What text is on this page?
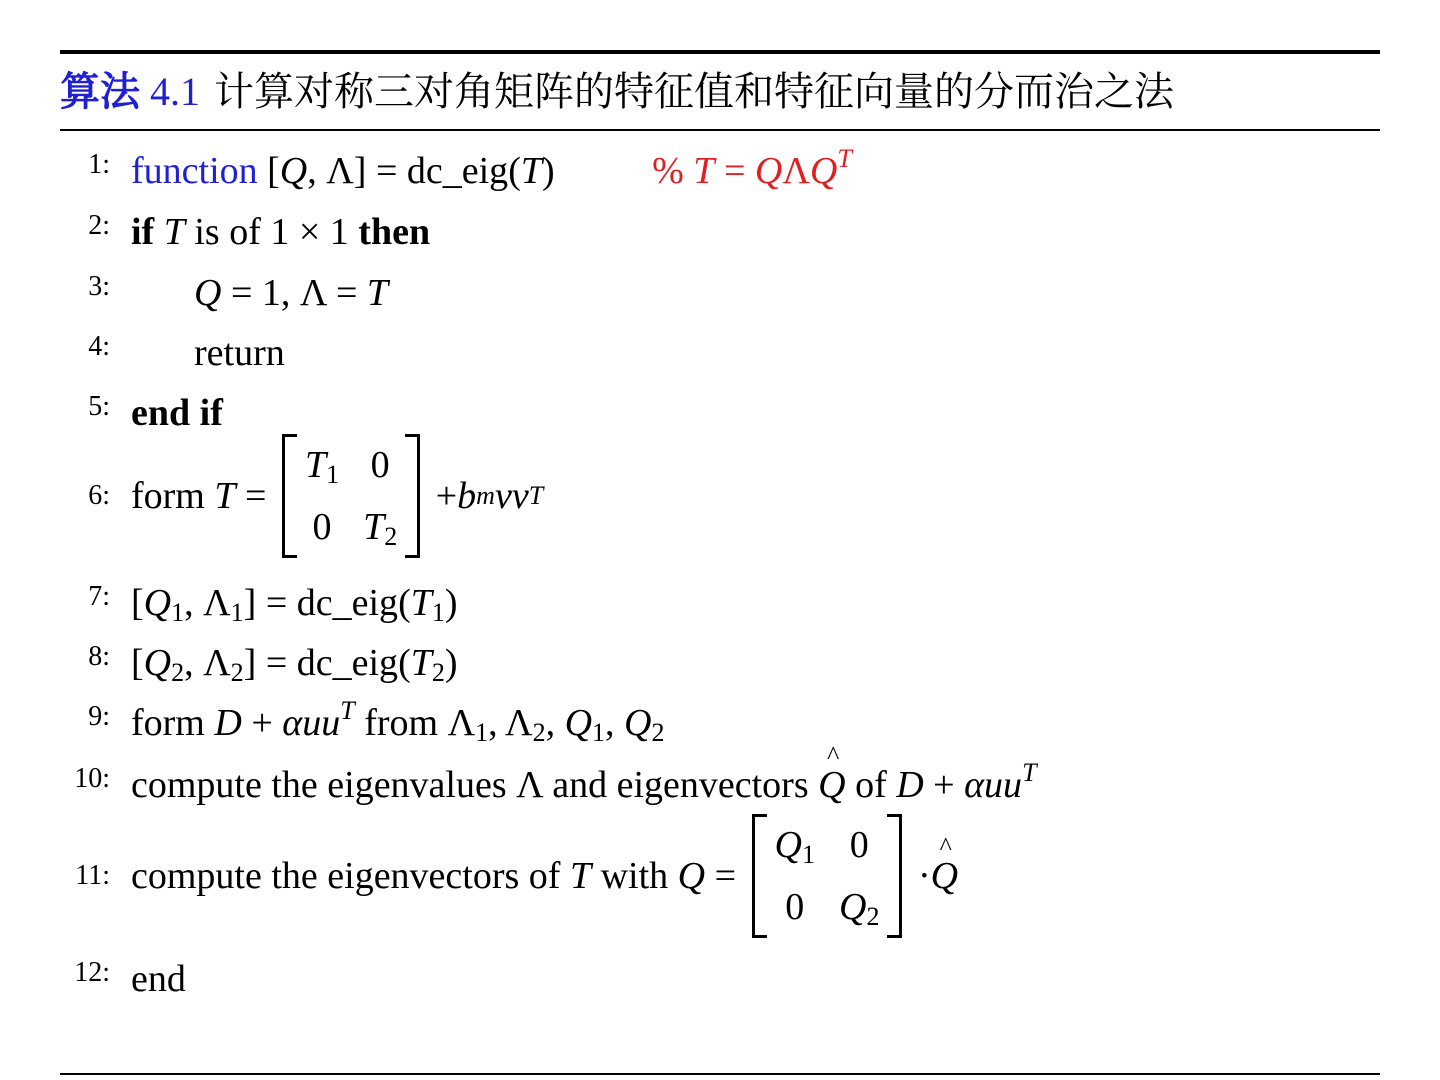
算法 4.1 计算对称三对角矩阵的特征值和特征向量的分而治之法
1: function [Q, Λ] = dc_eig(T) % $T = Q\Lambda Q^T$
2: if T is of 1 × 1 then
3:	Q = 1, Λ = T
4:	return
5: end if
6: form
T =
$T_1$ 0
0 $T_2$
+ b m vv T
7: [$Q_1$, $\Lambda_1$] = $dc\_eig(T_1)$
8: [$Q_2$, $\Lambda_2$] = $dc\_eig(T_2)$
9: form D + αuu$^T$ from $\Lambda_1$, $\Lambda_2$, $Q_1$, $Q_2$
10: compute the eigenvalues Λ and eigenvectors ^ Q of D + αuu$^T$
11: compute the eigenvectors of
T
with
Q =
$Q_1$ 0
0 $Q_2$
· ^ Q
12: end
